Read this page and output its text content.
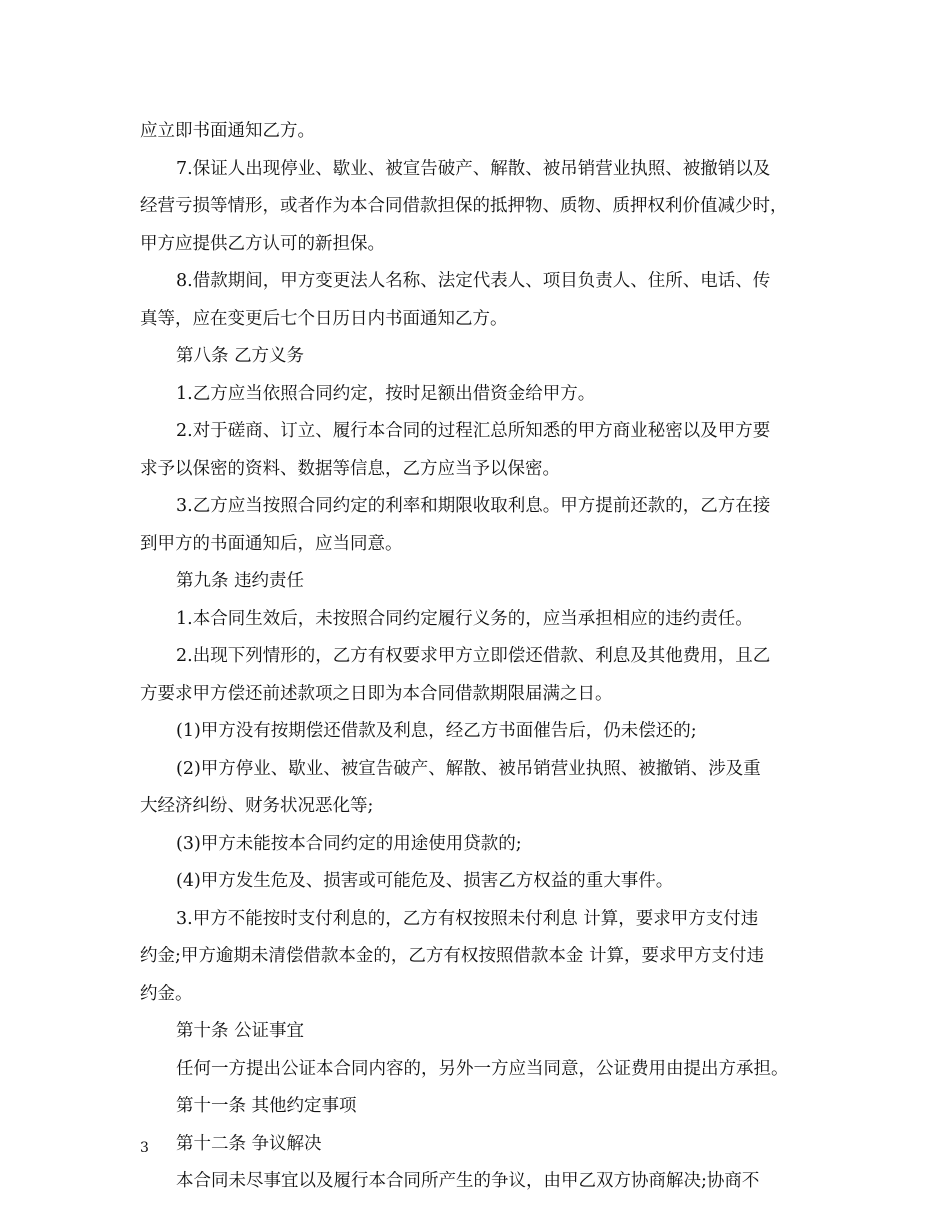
应立即书面通知乙方。
7.保证人出现停业、歇业、被宣告破产、解散、被吊销营业执照、被撤销以及
经营亏损等情形，或者作为本合同借款担保的抵押物、质物、质押权利价值减少时，
甲方应提供乙方认可的新担保。
8.借款期间，甲方变更法人名称、法定代表人、项目负责人、住所、电话、传
真等，应在变更后七个日历日内书面通知乙方。
第八条 乙方义务
1.乙方应当依照合同约定，按时足额出借资金给甲方。
2.对于磋商、订立、履行本合同的过程汇总所知悉的甲方商业秘密以及甲方要
求予以保密的资料、数据等信息，乙方应当予以保密。
3.乙方应当按照合同约定的利率和期限收取利息。甲方提前还款的，乙方在接
到甲方的书面通知后，应当同意。
第九条 违约责任
1.本合同生效后，未按照合同约定履行义务的，应当承担相应的违约责任。
2.出现下列情形的，乙方有权要求甲方立即偿还借款、利息及其他费用，且乙
方要求甲方偿还前述款项之日即为本合同借款期限届满之日。
(1)甲方没有按期偿还借款及利息，经乙方书面催告后，仍未偿还的;
(2)甲方停业、歇业、被宣告破产、解散、被吊销营业执照、被撤销、涉及重
大经济纠纷、财务状况恶化等;
(3)甲方未能按本合同约定的用途使用贷款的;
(4)甲方发生危及、损害或可能危及、损害乙方权益的重大事件。
3.甲方不能按时支付利息的，乙方有权按照未付利息 计算，要求甲方支付违
约金;甲方逾期未清偿借款本金的，乙方有权按照借款本金 计算，要求甲方支付违
约金。
第十条 公证事宜
任何一方提出公证本合同内容的，另外一方应当同意，公证费用由提出方承担。
第十一条 其他约定事项
第十二条 争议解决
本合同未尽事宜以及履行本合同所产生的争议，由甲乙双方协商解决;协商不
3
